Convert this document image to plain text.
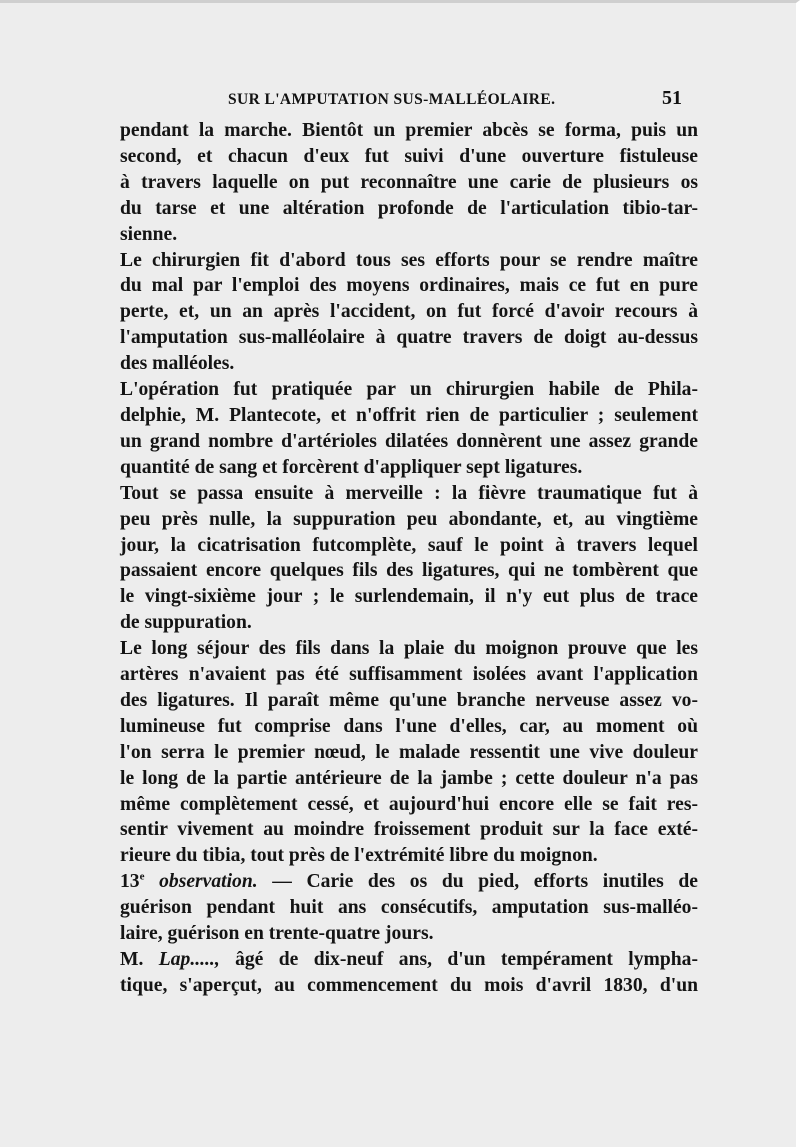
SUR L'AMPUTATION SUS-MALLÉOLAIRE.	51
pendant la marche. Bientôt un premier abcès se forma, puis un
second, et chacun d'eux fut suivi d'une ouverture fistuleuse
à travers laquelle on put reconnaître une carie de plusieurs os
du tarse et une altération profonde de l'articulation tibio-tar-
sienne.
Le chirurgien fit d'abord tous ses efforts pour se rendre maître
du mal par l'emploi des moyens ordinaires, mais ce fut en pure
perte, et, un an après l'accident, on fut forcé d'avoir recours à
l'amputation sus-malléolaire à quatre travers de doigt au-dessus
des malléoles.
L'opération fut pratiquée par un chirurgien habile de Phila-
delphie, M. Plantecote, et n'offrit rien de particulier ; seulement
un grand nombre d'artérioles dilatées donnèrent une assez grande
quantité de sang et forcèrent d'appliquer sept ligatures.
Tout se passa ensuite à merveille : la fièvre traumatique fut à
peu près nulle, la suppuration peu abondante, et, au vingtième
jour, la cicatrisation futcomplète, sauf le point à travers lequel
passaient encore quelques fils des ligatures, qui ne tombèrent que
le vingt-sixième jour ; le surlendemain, il n'y eut plus de trace
de suppuration.
Le long séjour des fils dans la plaie du moignon prouve que les
artères n'avaient pas été suffisamment isolées avant l'application
des ligatures. Il paraît même qu'une branche nerveuse assez vo-
lumineuse fut comprise dans l'une d'elles, car, au moment où
l'on serra le premier nœud, le malade ressentit une vive douleur
le long de la partie antérieure de la jambe ; cette douleur n'a pas
même complètement cessé, et aujourd'hui encore elle se fait res-
sentir vivement au moindre froissement produit sur la face exté-
rieure du tibia, tout près de l'extrémité libre du moignon.
13e observation. — Carie des os du pied, efforts inutiles de
guérison pendant huit ans consécutifs, amputation sus-malléo-
laire, guérison en trente-quatre jours.
M. Lap....., âgé de dix-neuf ans, d'un tempérament lympha-
tique, s'aperçut, au commencement du mois d'avril 1830, d'un
